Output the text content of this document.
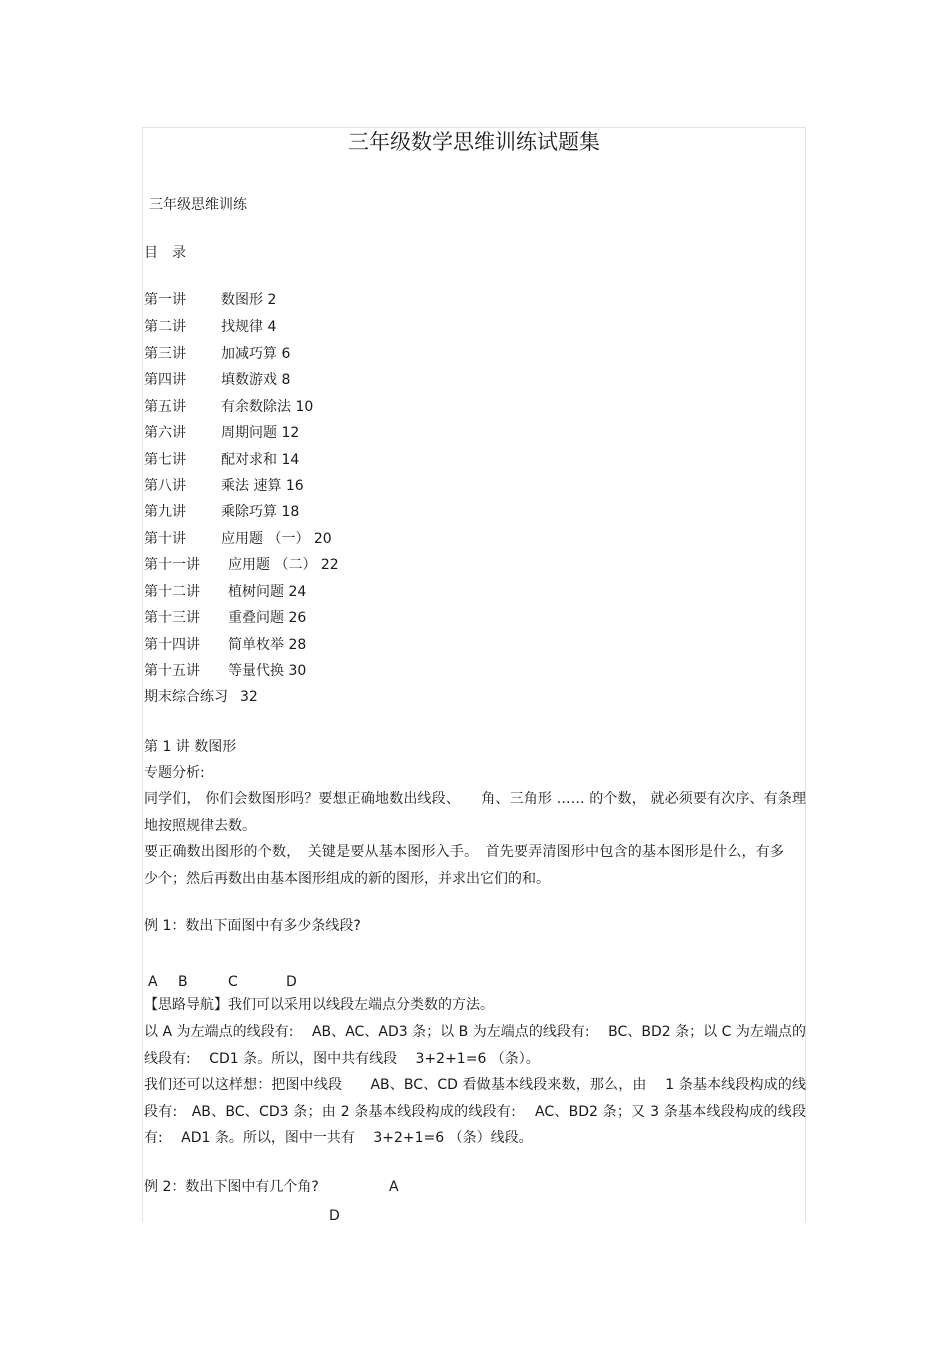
三年级数学思维训练试题集
三年级思维训练
目　录
第一讲	数图形 2
第二讲	找规律 4
第三讲	加减巧算 6
第四讲	填数游戏 8
第五讲	有余数除法 10
第六讲	周期问题 12
第七讲	配对求和 14
第八讲	乘法 速算 16
第九讲	乘除巧算 18
第十讲	应用题 （一） 20
第十一讲 应用题 （二） 22
第十二讲 植树问题 24
第十三讲 重叠问题 26
第十四讲 简单枚举 28
第十五讲 等量代换 30
期末综合练习 32
第 1 讲 数图形
专题分析:
同学们， 你们会数图形吗？要想正确地数出线段、　　角、三角形 …… 的个数， 就必须要有次序、有条理地按照规律去数。
要正确数出图形的个数，　关键是要从基本图形入手。　首先要弄清图形中包含的基本图形是什么，有多少个；然后再数出由基本图形组成的新的图形，并求出它们的和。
例 1：数出下面图中有多少条线段?
A B	C	D
【思路导航】我们可以采用以线段左端点分类数的方法。
以 A 为左端点的线段有:　 AB、AC、AD3 条；以 B 为左端点的线段有:　 BC、BD2 条；以 C 为左端点的线段有:　 CD1 条。所以，图中共有线段　 3+2+1=6 （条）。
我们还可以这样想：把图中线段　　AB、BC、CD 看做基本线段来数，那么，由　 1 条基本线段构成的线段有:　AB、BC、CD3 条；由 2 条基本线段构成的线段有:　 AC、BD2 条；又 3 条基本线段构成的线段有:　 AD1 条。所以，图中一共有　 3+2+1=6 （条）线段。
例 2：数出下图中有几个角?	A
D
